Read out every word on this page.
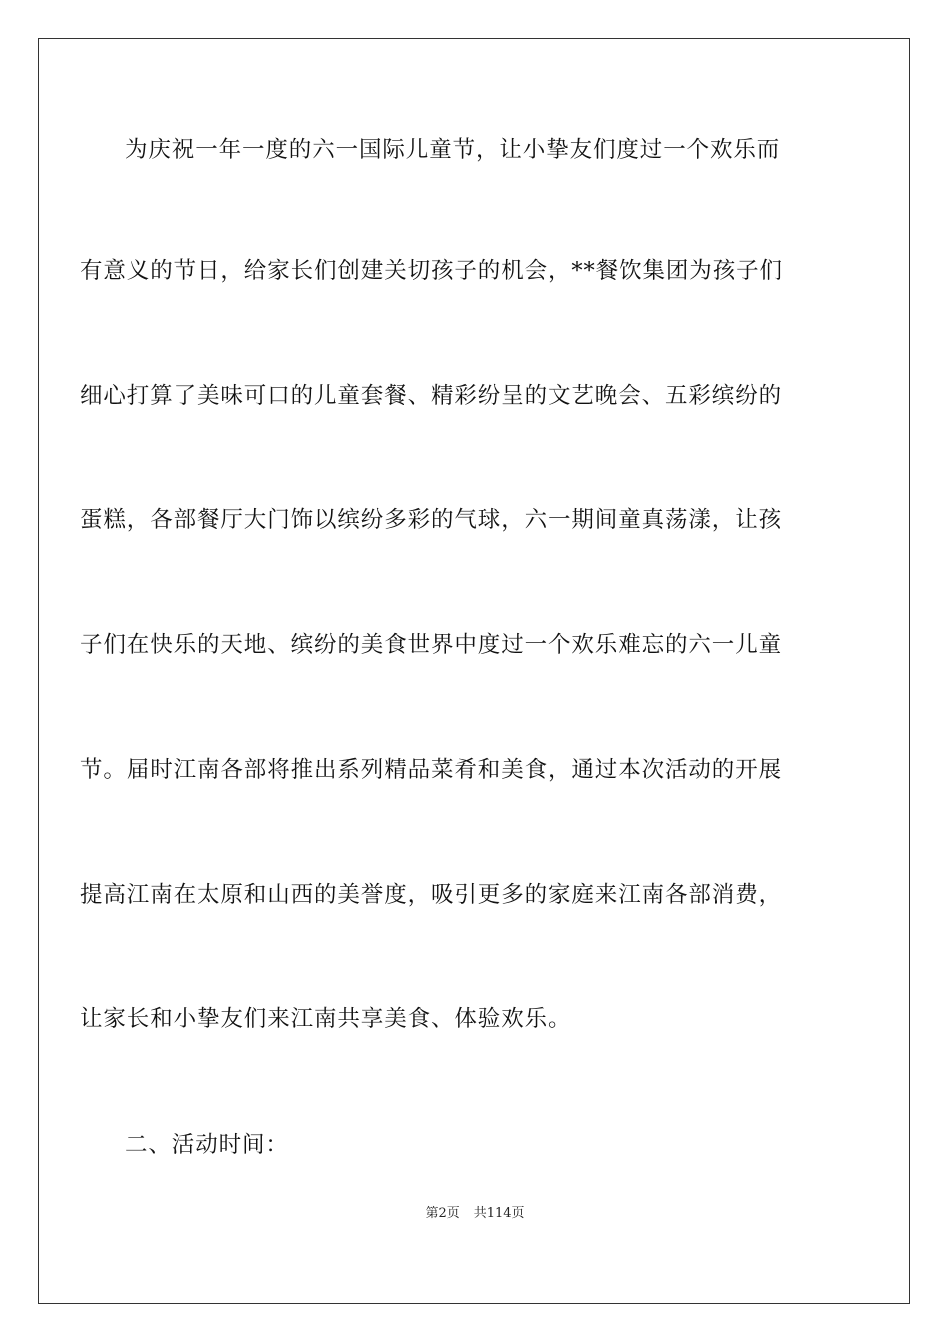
为庆祝一年一度的六一国际儿童节，让小挚友们度过一个欢乐而
有意义的节日，给家长们创建关切孩子的机会，**餐饮集团为孩子们
细心打算了美味可口的儿童套餐、精彩纷呈的文艺晚会、五彩缤纷的
蛋糕，各部餐厅大门饰以缤纷多彩的气球，六一期间童真荡漾，让孩
子们在快乐的天地、缤纷的美食世界中度过一个欢乐难忘的六一儿童
节。届时江南各部将推出系列精品菜肴和美食，通过本次活动的开展
提高江南在太原和山西的美誉度，吸引更多的家庭来江南各部消费，
让家长和小挚友们来江南共享美食、体验欢乐。
二、活动时间：
第2页 共114页
